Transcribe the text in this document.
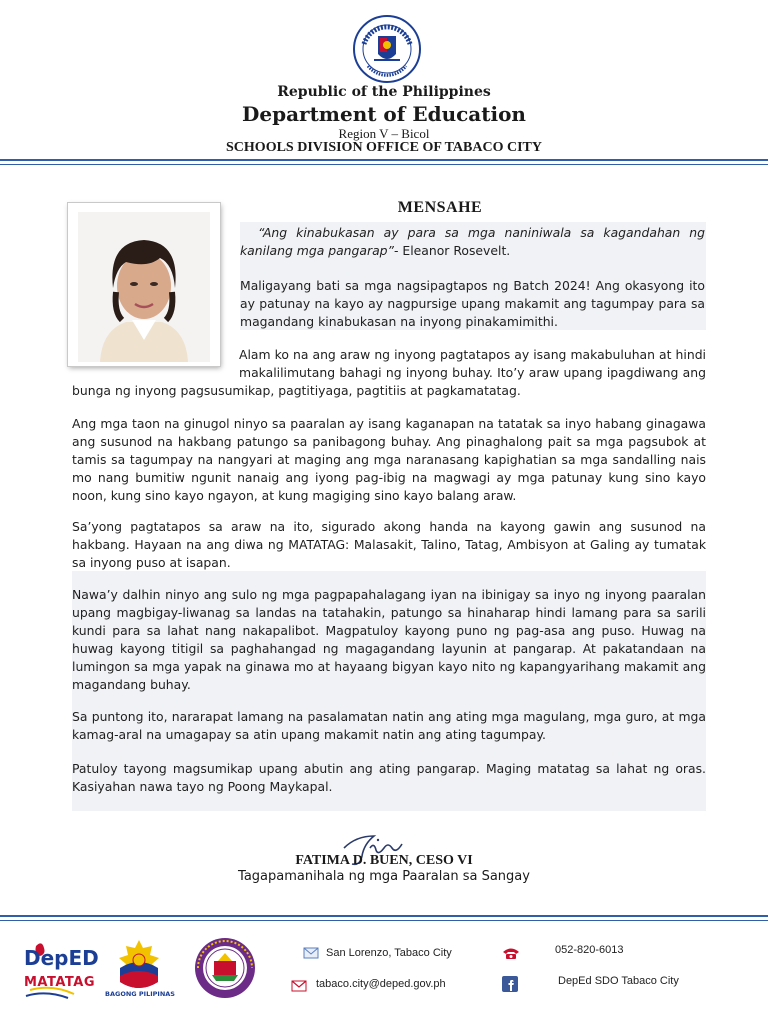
Republic of the Philippines
Department of Education
Region V – Bicol
SCHOOLS DIVISION OFFICE OF TABACO CITY
MENSAHE
“Ang kinabukasan ay para sa mga naniniwala sa kagandahan ng kanilang mga pangarap”- Eleanor Rosevelt.
Maligayang bati sa mga nagsipagtapos ng Batch 2024! Ang okasyong ito ay patunay na kayo ay nagpursige upang makamit ang tagumpay para sa magandang kinabukasan na inyong pinakamimithi.
Alam ko na ang araw ng inyong pagtatapos ay isang makabuluhan at hindi makalilimutang bahagi ng inyong buhay. Ito’y araw upang ipagdiwang ang bunga ng inyong pagsusumikap, pagtitiyaga, pagtitiis at pagkamatatag.
Ang mga taon na ginugol ninyo sa paaralan ay isang kaganapan na tatatak sa inyo habang ginagawa ang susunod na hakbang patungo sa panibagong buhay. Ang pinaghalong pait sa mga pagsubok at tamis sa tagumpay na nangyari at maging ang mga naranasang kapighatian sa mga sandalling nais mo nang bumitiw ngunit nanaig ang iyong pag-ibig na magwagi ay mga patunay kung sino kayo noon, kung sino kayo ngayon, at kung magiging sino kayo balang araw.
Sa’yong pagtatapos sa araw na ito, sigurado akong handa na kayong gawin ang susunod na hakbang. Hayaan na ang diwa ng MATATAG: Malasakit, Talino, Tatag, Ambisyon at Galing ay tumatak sa inyong puso at isapan.
Nawa’y dalhin ninyo ang sulo ng mga pagpapahalagang iyan na ibinigay sa inyo ng inyong paaralan upang magbigay-liwanag sa landas na tatahakin, patungo sa hinaharap hindi lamang para sa sarili kundi para sa lahat nang nakapalibot. Magpatuloy kayong puno ng pag-asa ang puso. Huwag na huwag kayong titigil sa paghahangad ng magagandang layunin at pangarap. At pakatandaan na lumingon sa mga yapak na ginawa mo at hayaang bigyan kayo nito ng kapangyarihang makamit ang magandang buhay.
Sa puntong ito, nararapat lamang na pasalamatan natin ang ating mga magulang, mga guro, at mga kamag-aral na umagapay sa atin upang makamit natin ang ating tagumpay.
Patuloy tayong magsumikap upang abutin ang ating pangarap. Maging matatag sa lahat ng oras. Kasiyahan nawa tayo ng Poong Maykapal.
FATIMA D. BUEN, CESO VI
Tagapamanihala ng mga Paaralan sa Sangay
DepED
MATATAG
BAGONG PILIPINAS
San Lorenzo, Tabaco City
tabaco.city@deped.gov.ph
052-820-6013
DepEd SDO Tabaco City
